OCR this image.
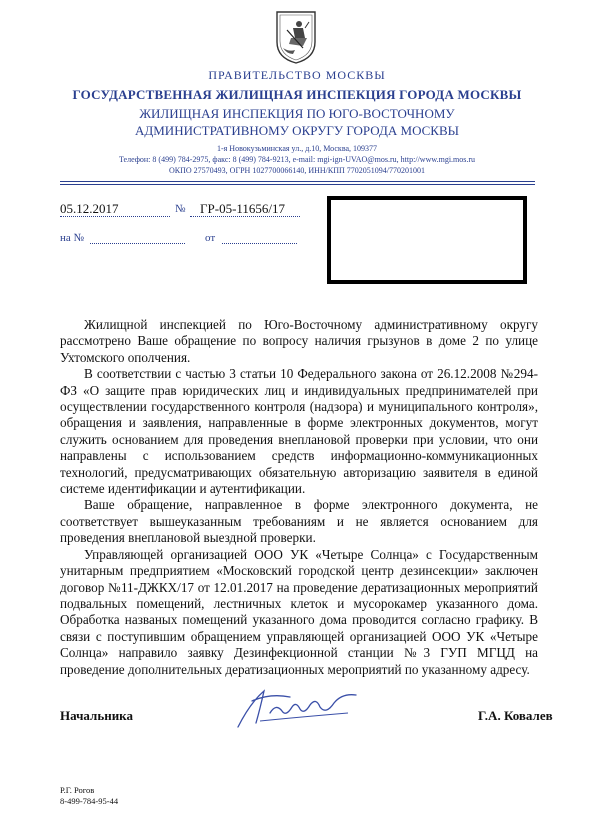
ПРАВИТЕЛЬСТВО МОСКВЫ
ГОСУДАРСТВЕННАЯ ЖИЛИЩНАЯ ИНСПЕКЦИЯ ГОРОДА МОСКВЫ
ЖИЛИЩНАЯ ИНСПЕКЦИЯ ПО ЮГО-ВОСТОЧНОМУ
АДМИНИСТРАТИВНОМУ ОКРУГУ ГОРОДА МОСКВЫ
1-я Новокузьминская ул., д.10, Москва, 109377
Телефон: 8 (499) 784-2975, факс: 8 (499) 784-9213, e-mail: mgi-ign-UVAO@mos.ru, http://www.mgi.mos.ru
ОКПО 27570493, ОГРН 1027700066140, ИНН/КПП 7702051094/770201001
05.12.2017	№ ГР-05-11656/17
на №	от

Жилищной инспекцией по Юго-Восточному административному округу рассмотрено Ваше обращение по вопросу наличия грызунов в доме 2 по улице Ухтомского ополчения.

В соответствии с частью 3 статьи 10 Федерального закона от 26.12.2008 №294-ФЗ «О защите прав юридических лиц и индивидуальных предпринимателей при осуществлении государственного контроля (надзора) и муниципального контроля», обращения и заявления, направленные в форме электронных документов, могут служить основанием для проведения внеплановой проверки при условии, что они направлены с использованием средств информационно-коммуникационных технологий, предусматривающих обязательную авторизацию заявителя в единой системе идентификации и аутентификации.

Ваше обращение, направленное в форме электронного документа, не соответствует вышеуказанным требованиям и не является основанием для проведения внеплановой выездной проверки.

Управляющей организацией ООО УК «Четыре Солнца» с Государственным унитарным предприятием «Московский городской центр дезинсекции» заключен договор №11-ДЖКХ/17 от 12.01.2017 на проведение дератизационных мероприятий подвальных помещений, лестничных клеток и мусорокамер указанного дома. Обработка названых помещений указанного дома проводится согласно графику. В связи с поступившим обращением управляющей организацией ООО УК «Четыре Солнца» направило заявку Дезинфекционной станции №3 ГУП МГЦД на проведение дополнительных дератизационных мероприятий по указанному адресу.

Начальника	Г.А. Ковалев
Р.Г. Рогов
8-499-784-95-44
